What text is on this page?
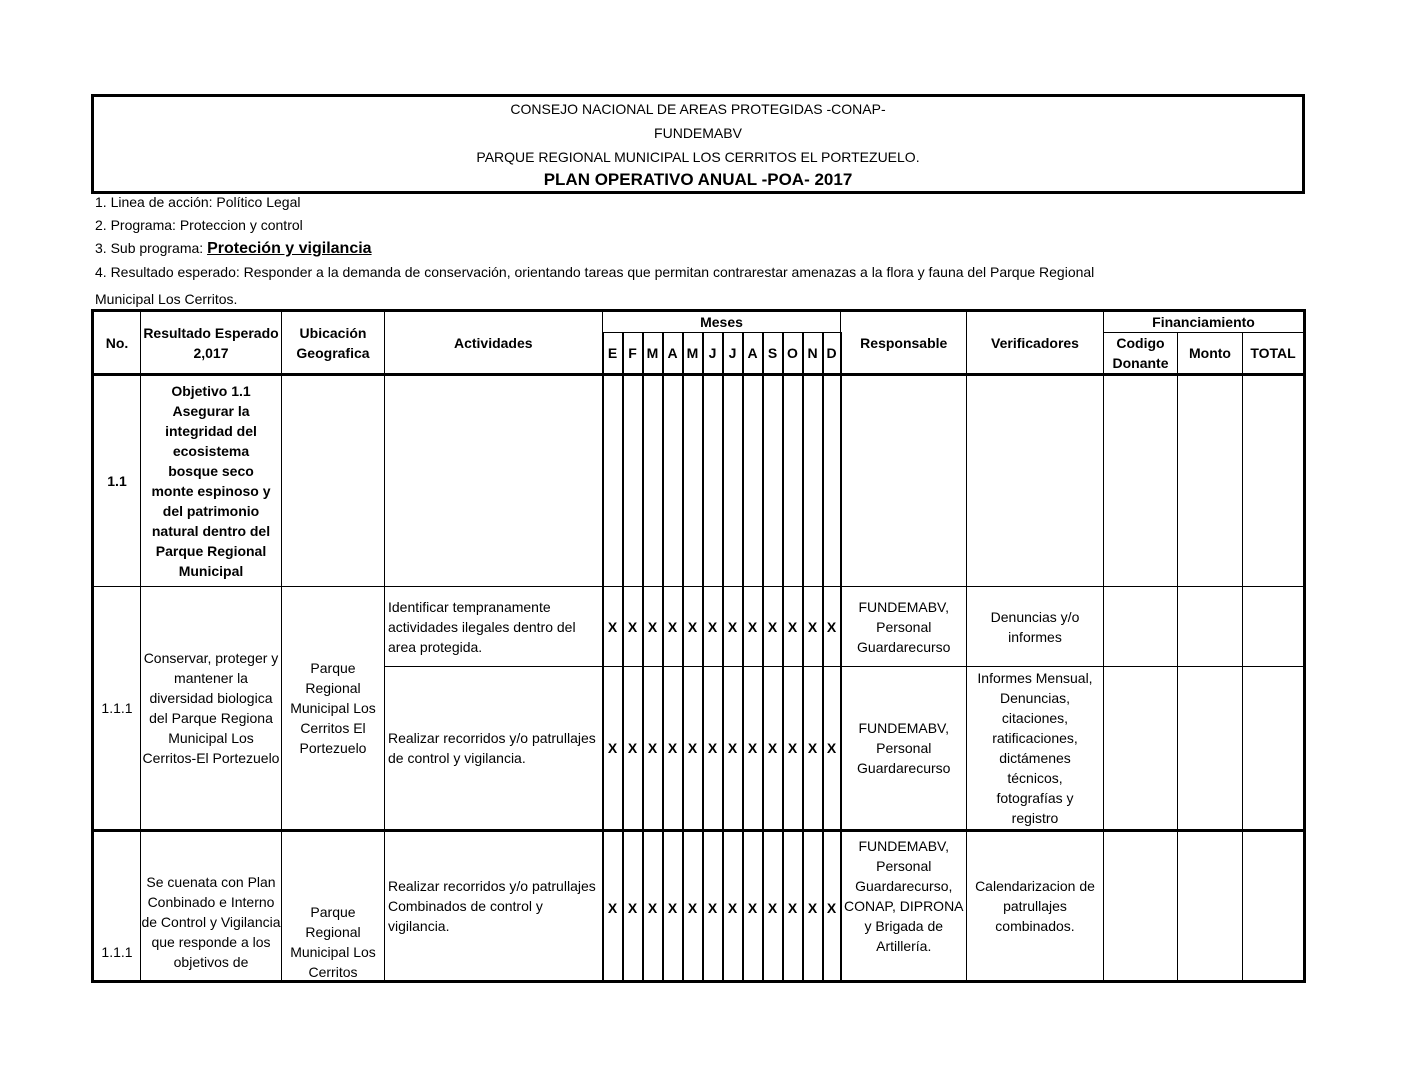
CONSEJO NACIONAL DE AREAS PROTEGIDAS -CONAP-
FUNDEMABV
PARQUE REGIONAL MUNICIPAL LOS CERRITOS EL PORTEZUELO.
PLAN OPERATIVO ANUAL -POA- 2017
1. Linea de acción: Político Legal
2. Programa: Proteccion y control
3. Sub programa: Proteción y vigilancia
4. Resultado esperado: Responder a la demanda de conservación, orientando tareas que permitan contrarestar amenazas a la flora y fauna del Parque Regional
Municipal Los Cerritos.
No.	Resultado Esperado 2,017	Ubicación Geografica	Actividades	Meses												Responsable	Verificadores	Financiamiento		
				E	F	M	A	M	J	J	A	S	O	N	D			Codigo Donante	Monto	TOTAL
1.1	Objetivo 1.1 Asegurar la integridad del ecosistema bosque seco monte espinoso y del patrimonio natural dentro del Parque Regional Municipal																			

1.1.1	Conservar, proteger y mantener la diversidad biologica del Parque Regiona Municipal Los Cerritos-El Portezuelo	Parque Regional Municipal Los Cerritos El Portezuelo	Identificar tempranamente actividades ilegales dentro del area protegida.	X	X	X	X	X	X	X	X	X	X	X	X	FUNDEMABV, Personal Guardarecurso	Denuncias y/o informes			
			Realizar recorridos y/o patrullajes de control y vigilancia.	X	X	X	X	X	X	X	X	X	X	X	X	FUNDEMABV, Personal Guardarecurso	Informes Mensual, Denuncias, citaciones, ratificaciones, dictámenes técnicos, fotografías y registro			

1.1.1	Se cuenata con Plan Conbinado e Interno de Control y Vigilancia que responde a los objetivos de	Parque Regional Municipal Los Cerritos	Realizar recorridos y/o patrullajes Combinados de control y vigilancia.	X	X	X	X	X	X	X	X	X	X	X	X	FUNDEMABV, Personal Guardarecurso, CONAP, DIPRONA y Brigada de Artillería.	Calendarizacion de patrullajes combinados.			
